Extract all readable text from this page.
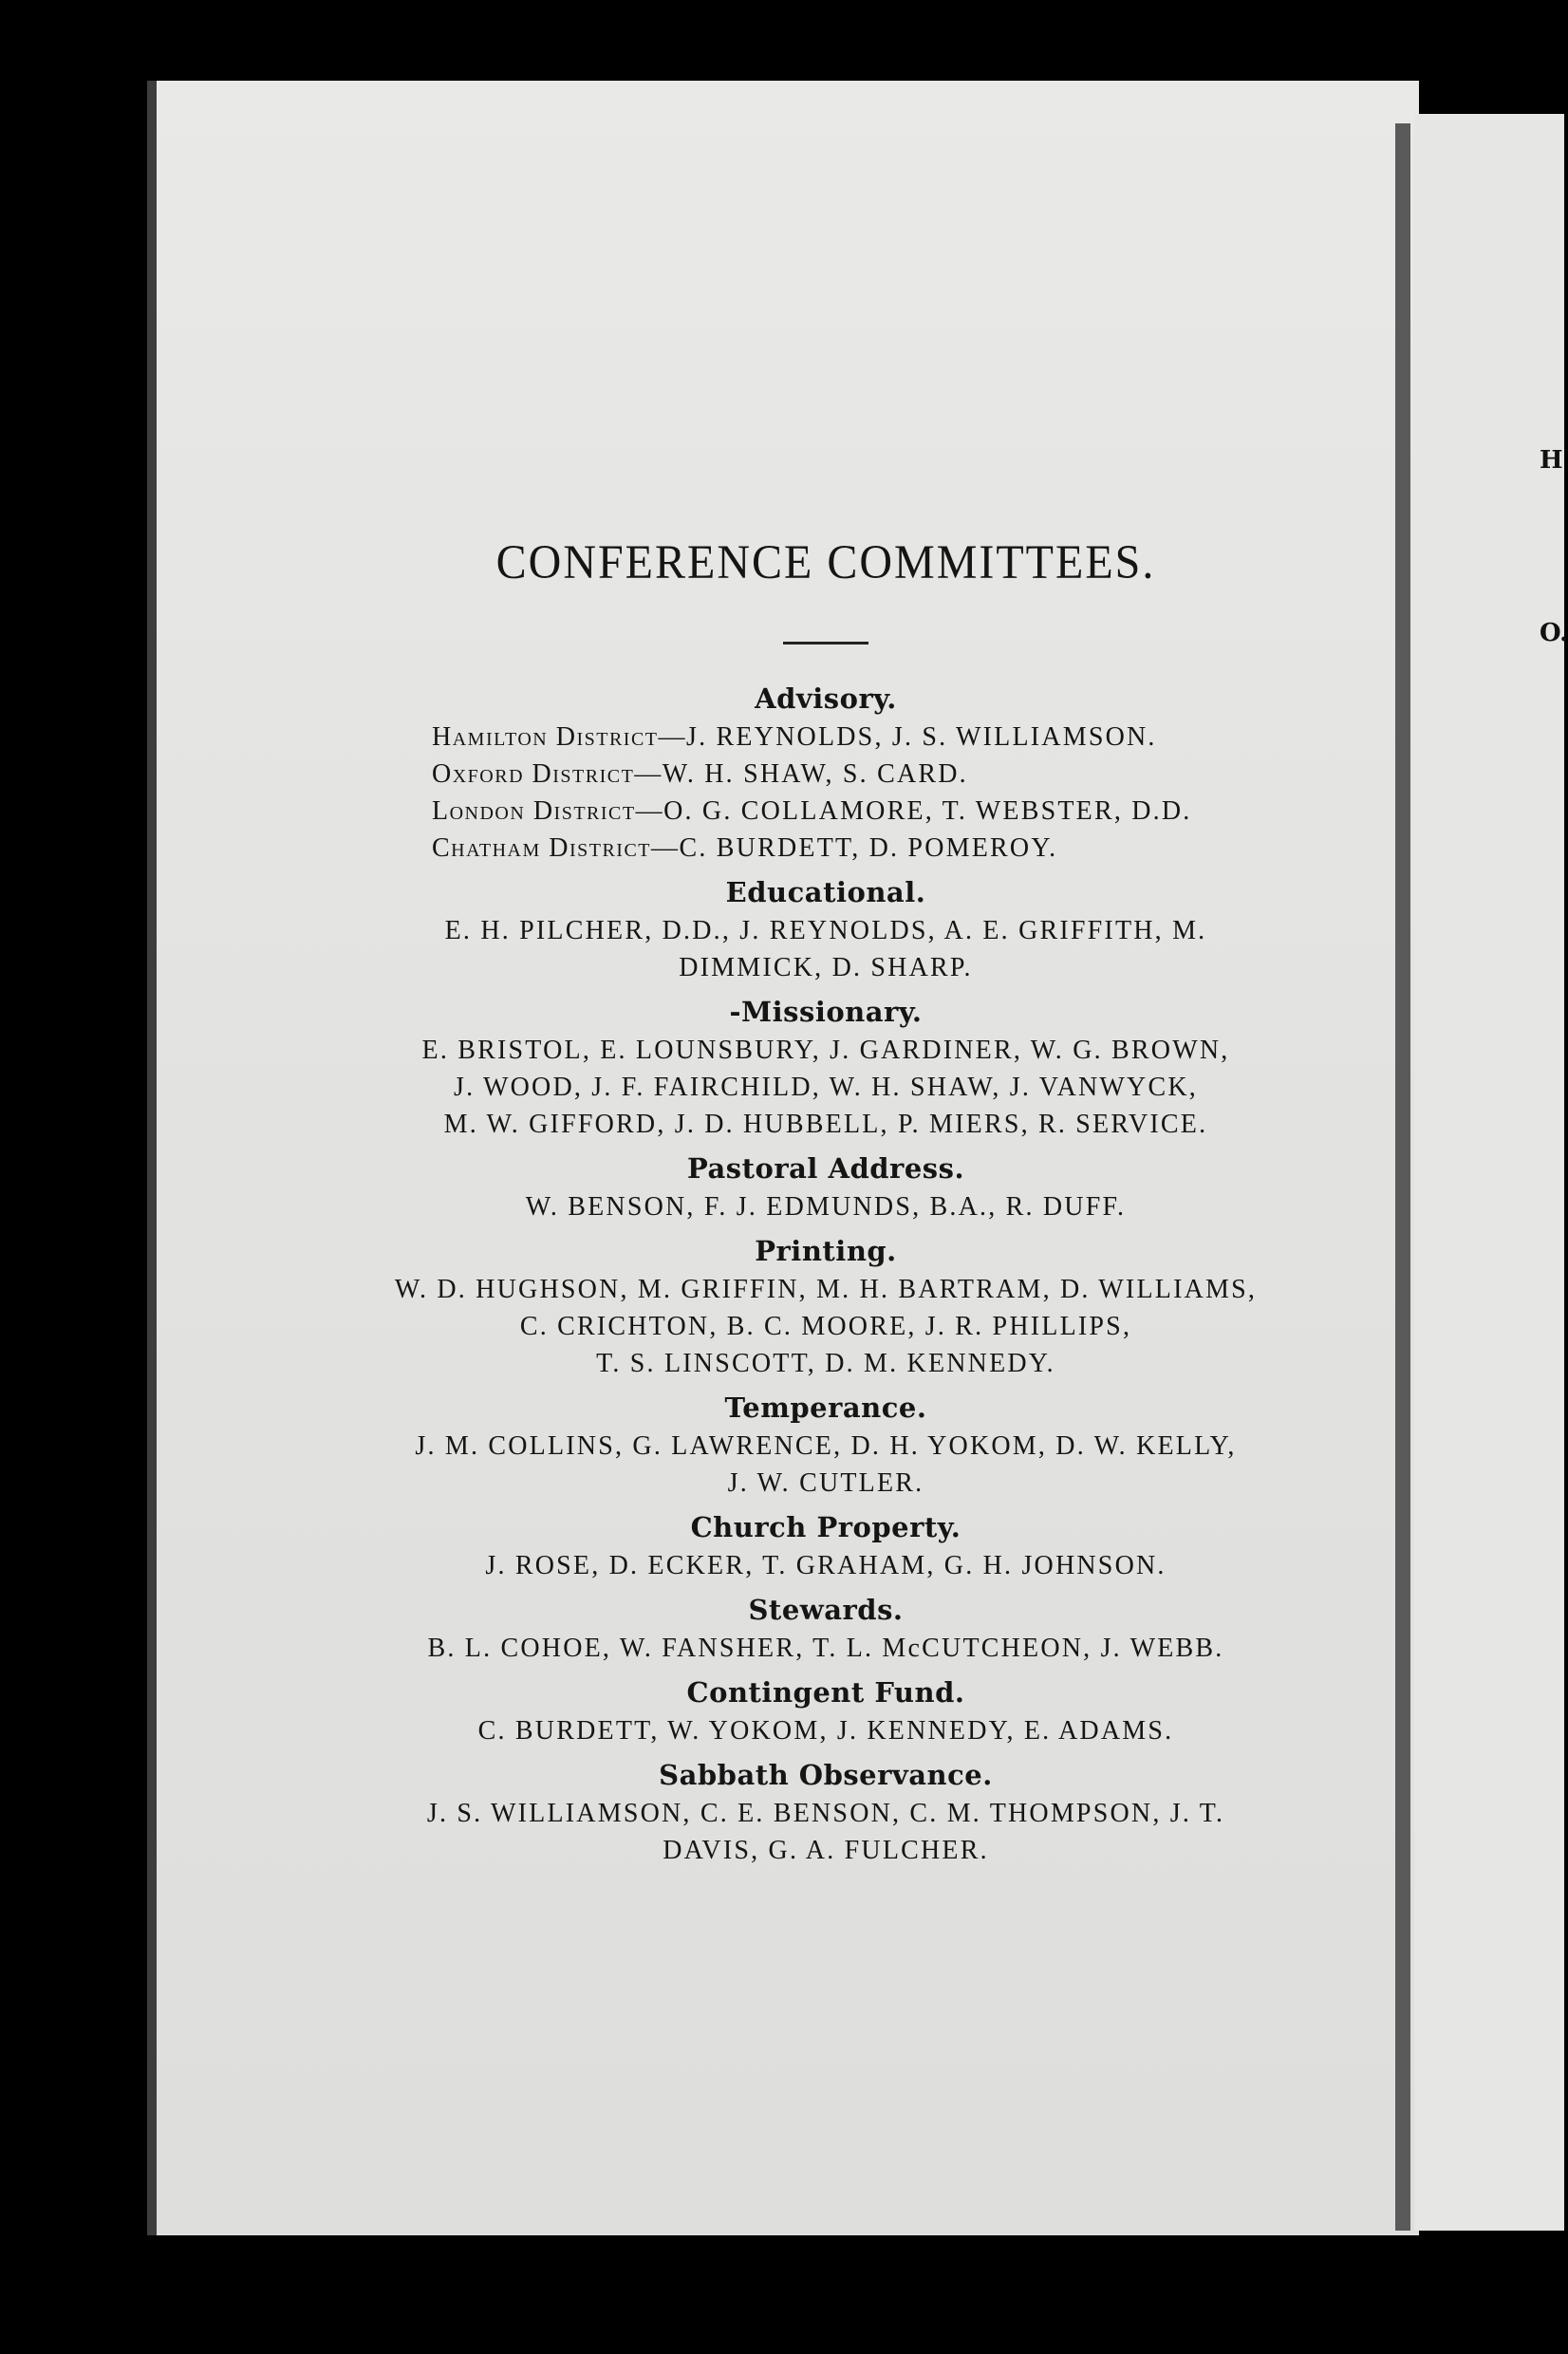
H
O.
CONFERENCE COMMITTEES.
Advisory.

Hamilton District—J. REYNOLDS, J. S. WILLIAMSON.

Oxford District—W. H. SHAW, S. CARD.

London District—O. G. COLLAMORE, T. WEBSTER, D.D.

Chatham District—C. BURDETT, D. POMEROY.

Educational.

E. H. PILCHER, D.D., J. REYNOLDS, A. E. GRIFFITH, M.

DIMMICK, D. SHARP.

-Missionary.

E. BRISTOL, E. LOUNSBURY, J. GARDINER, W. G. BROWN,

J. WOOD, J. F. FAIRCHILD, W. H. SHAW, J. VANWYCK,

M. W. GIFFORD, J. D. HUBBELL, P. MIERS, R. SERVICE.

Pastoral Address.

W. BENSON, F. J. EDMUNDS, B.A., R. DUFF.

Printing.

W. D. HUGHSON, M. GRIFFIN, M. H. BARTRAM, D. WILLIAMS,

C. CRICHTON, B. C. MOORE, J. R. PHILLIPS,

T. S. LINSCOTT, D. M. KENNEDY.

Temperance.

J. M. COLLINS, G. LAWRENCE, D. H. YOKOM, D. W. KELLY,

J. W. CUTLER.

Church Property.

J. ROSE, D. ECKER, T. GRAHAM, G. H. JOHNSON.

Stewards.

B. L. COHOE, W. FANSHER, T. L. McCUTCHEON, J. WEBB.

Contingent Fund.

C. BURDETT, W. YOKOM, J. KENNEDY, E. ADAMS.

Sabbath Observance.

J. S. WILLIAMSON, C. E. BENSON, C. M. THOMPSON, J. T.

DAVIS, G. A. FULCHER.
